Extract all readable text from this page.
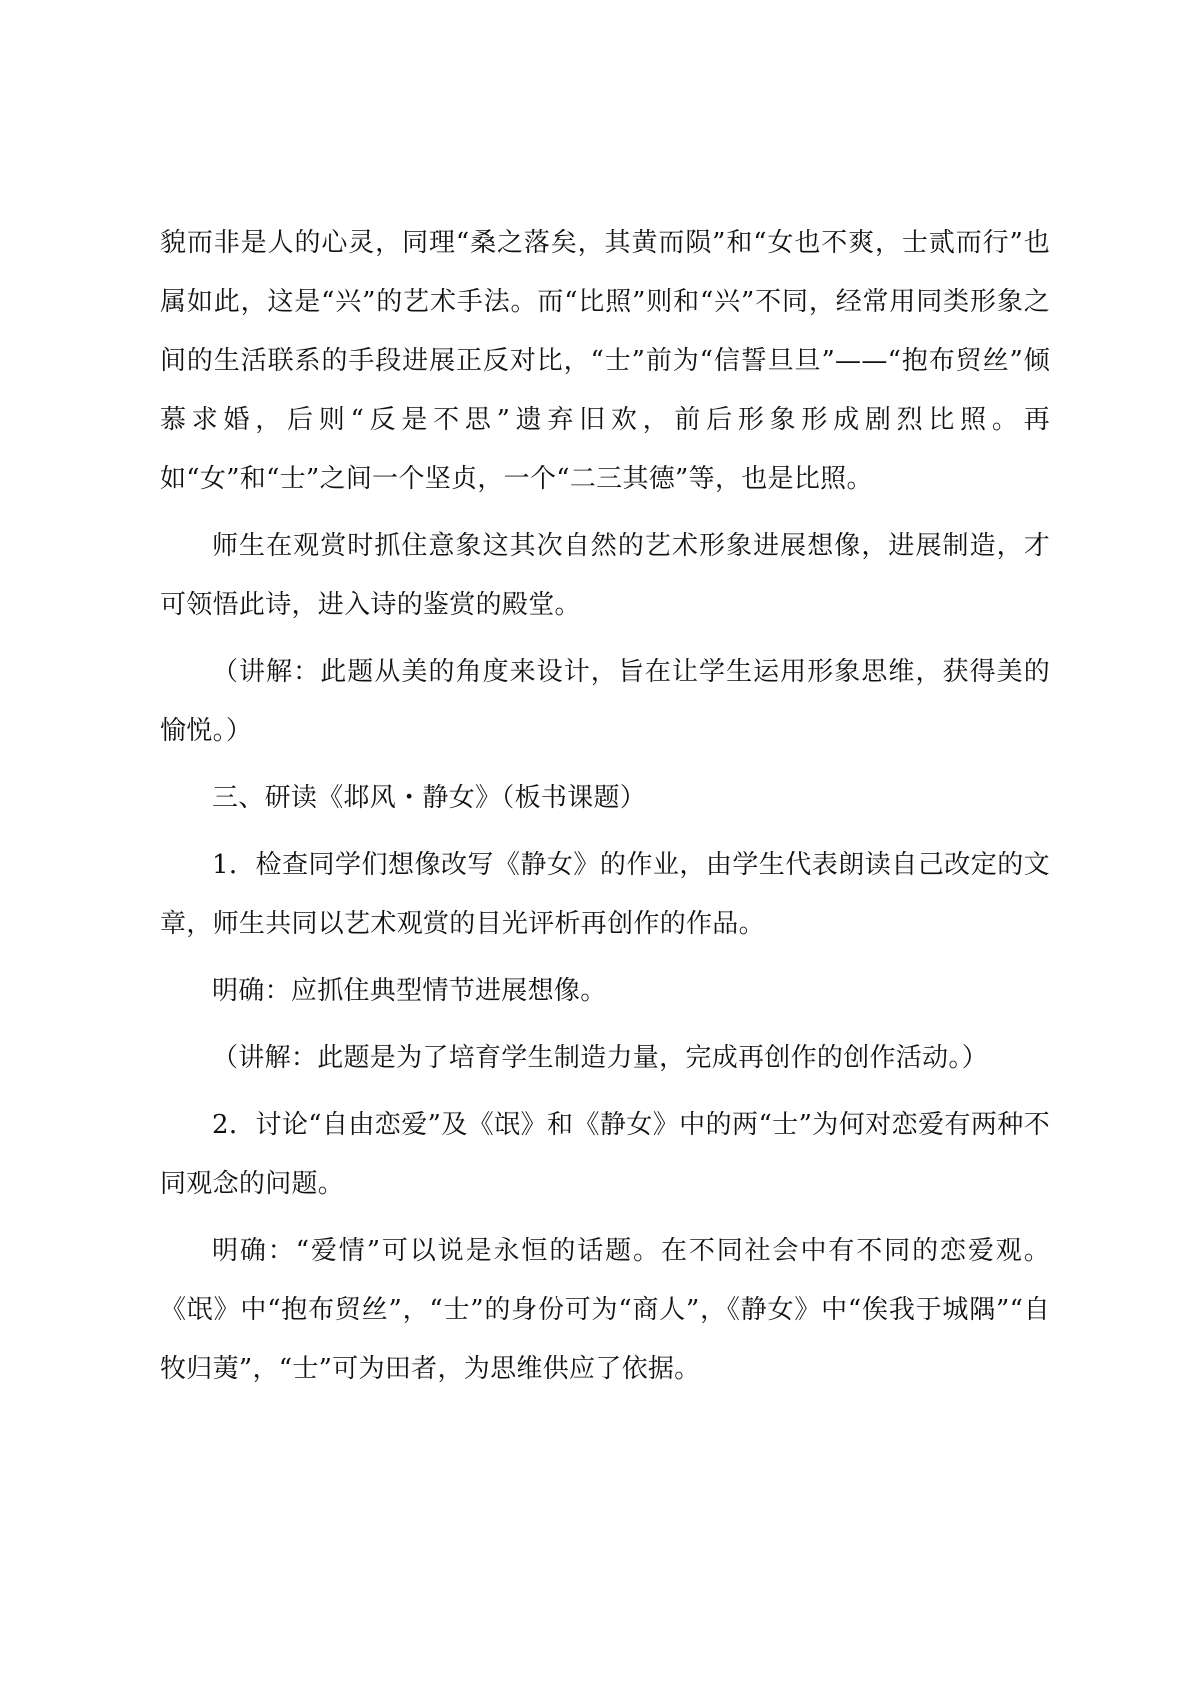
貌而非是人的心灵，同理“桑之落矣，其黄而陨”和“女也不爽，士贰而行”也属如此，这是“兴”的艺术手法。而“比照”则和“兴”不同，经常用同类形象之间的生活联系的手段进展正反对比，“士”前为“信誓旦旦”——“抱布贸丝”倾慕求婚，后则“反是不思”遗弃旧欢，前后形象形成剧烈比照。再如“女”和“士”之间一个坚贞，一个“二三其德”等，也是比照。

师生在观赏时抓住意象这其次自然的艺术形象进展想像，进展制造，才可领悟此诗，进入诗的鉴赏的殿堂。

（讲解：此题从美的角度来设计，旨在让学生运用形象思维，获得美的愉悦。）

三、研读《邶风・静女》（板书课题）

1．检查同学们想像改写《静女》的作业，由学生代表朗读自己改定的文章，师生共同以艺术观赏的目光评析再创作的作品。

明确：应抓住典型情节进展想像。

（讲解：此题是为了培育学生制造力量，完成再创作的创作活动。）

2．讨论“自由恋爱”及《氓》和《静女》中的两“士”为何对恋爱有两种不同观念的问题。

明确：“爱情”可以说是永恒的话题。在不同社会中有不同的恋爱观。《氓》中“抱布贸丝”，“士”的身份可为“商人”，《静女》中“俟我于城隅”“自牧归荑”，“士”可为田者，为思维供应了依据。
